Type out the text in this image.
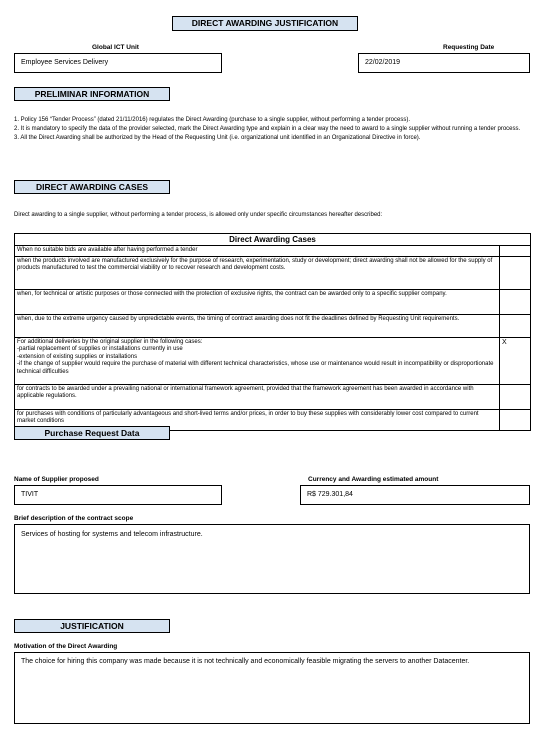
DIRECT AWARDING JUSTIFICATION
Global ICT Unit	Requesting Date
Employee Services Delivery	22/02/2019
PRELIMINAR INFORMATION
1. Policy 156 “Tender Process” (dated 21/11/2016) regulates the Direct Awarding (purchase to a single supplier, without performing a tender process).
2. It is mandatory to specify the data of the provider selected, mark the Direct Awarding type and explain in a clear way the need to award to a single supplier without running a tender process.
3. All the Direct Awarding shall be authorized by the Head of the Requesting Unit (i.e. organizational unit identified in an Organizational Directive in force).
DIRECT AWARDING CASES
Direct awarding to a single supplier, without performing a tender process, is allowed only under specific circumstances hereafter described:
Direct Awarding Cases	
When no suitable bids are available after having performed a tender	
when the products involved are manufactured exclusively for the purpose of research, experimentation, study or development; direct awarding shall not be allowed for the supply of products manufactured to test the commercial viability or to recover research and development costs.	
when, for technical or artistic purposes or those connected with the protection of exclusive rights, the contract can be awarded only to a specific supplier company.	
when, due to the extreme urgency caused by unpredictable events, the timing of contract awarding does not fit the deadlines defined by Requesting Unit requirements.	
For additional deliveries by the original supplier in the following cases:
-partial replacement of supplies or installations currently in use
-extension of existing supplies or installations
-if the change of supplier would require the purchase of material with different technical characteristics, whose use or maintenance would result in incompatibility or disproportionate technical difficulties	X
for contracts to be awarded under a prevailing national or international framework agreement, provided that the framework agreement has been awarded in accordance with applicable regulations.	
for purchases with conditions of particularly advantageous and short-lived terms and/or prices, in order to buy these supplies with considerably lower cost compared to current market conditions	
Purchase Request Data
Name of Supplier proposed	Currency and Awarding estimated amount
TIVIT	R$ 729.301,84
Brief description of the contract scope
Services of hosting for systems and telecom infrastructure.
JUSTIFICATION
Motivation of the Direct Awarding
The choice for hiring this company was made because it is not technically and economically feasible migrating the servers to another Datacenter.
